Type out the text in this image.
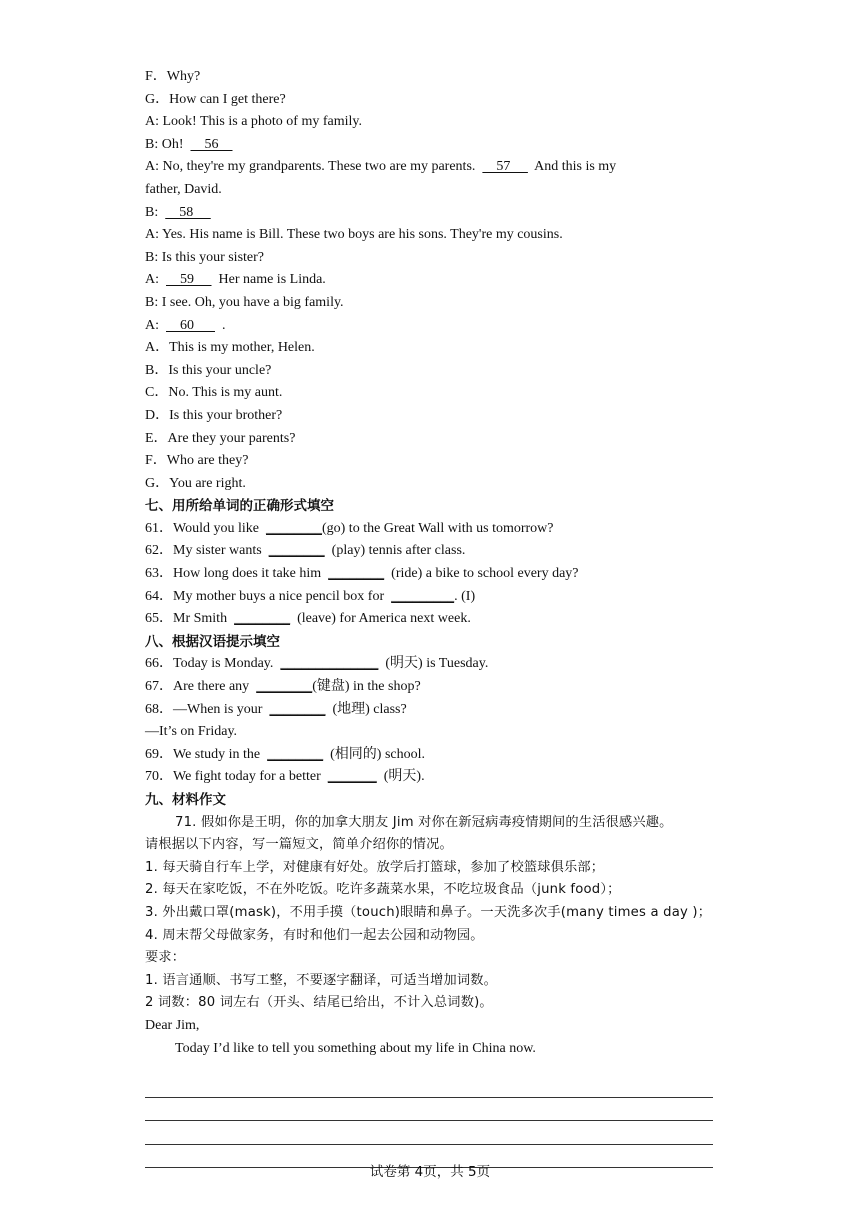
F．Why?
G．How can I get there?
A: Look! This is a photo of my family.
B: Oh!      56
A: No, they're my grandparents. These two are my parents.      57       And this is my
father, David.
B:      58
A: Yes. His name is Bill. These two boys are his sons. They're my cousins.
B: Is this your sister?
A:      59       Her name is Linda.
B: I see. Oh, you have a big family.
A:      60        .
A．This is my mother, Helen.
B．Is this your uncle?
C．No. This is my aunt.
D．Is this your brother?
E．Are they your parents?
F．Who are they?
G．You are right.
七、用所给单词的正确形式填空
61．Would you like  ________(go) to the Great Wall with us tomorrow?
62．My sister wants  ________  (play) tennis after class.
63．How long does it take him  ________  (ride) a bike to school every day?
64．My mother buys a nice pencil box for  _________. (I)
65．Mr Smith  ________  (leave) for America next week.
八、根据汉语提示填空
66．Today is Monday.  ______________  (明天) is Tuesday.
67．Are there any  ________(键盘) in the shop?
68．—When is your  ________  (地理) class?
—It’s on Friday.
69．We study in the  ________  (相同的) school.
70．We fight today for a better  _______  (明天).
九、材料作文
71. 假如你是王明，你的加拿大朋友 Jim 对你在新冠病毒疫情期间的生活很感兴趣。
请根据以下内容，写一篇短文，简单介绍你的情况。
1. 每天骑自行车上学，对健康有好处。放学后打篮球，参加了校篮球俱乐部；
2. 每天在家吃饭，不在外吃饭。吃许多蔬菜水果，不吃垃圾食品（junk food）；
3. 外出戴口罩(mask)，不用手摸（touch)眼睛和鼻子。一天洗多次手(many times a day )；
4. 周末帮父母做家务，有时和他们一起去公园和动物园。
要求：
1. 语言通顺、书写工整，不要逐字翻译，可适当增加词数。
2 词数：80 词左右（开头、结尾已给出，不计入总词数)。
Dear Jim,
Today I’d like to tell you something about my life in China now.
试卷第 4页，共 5页
